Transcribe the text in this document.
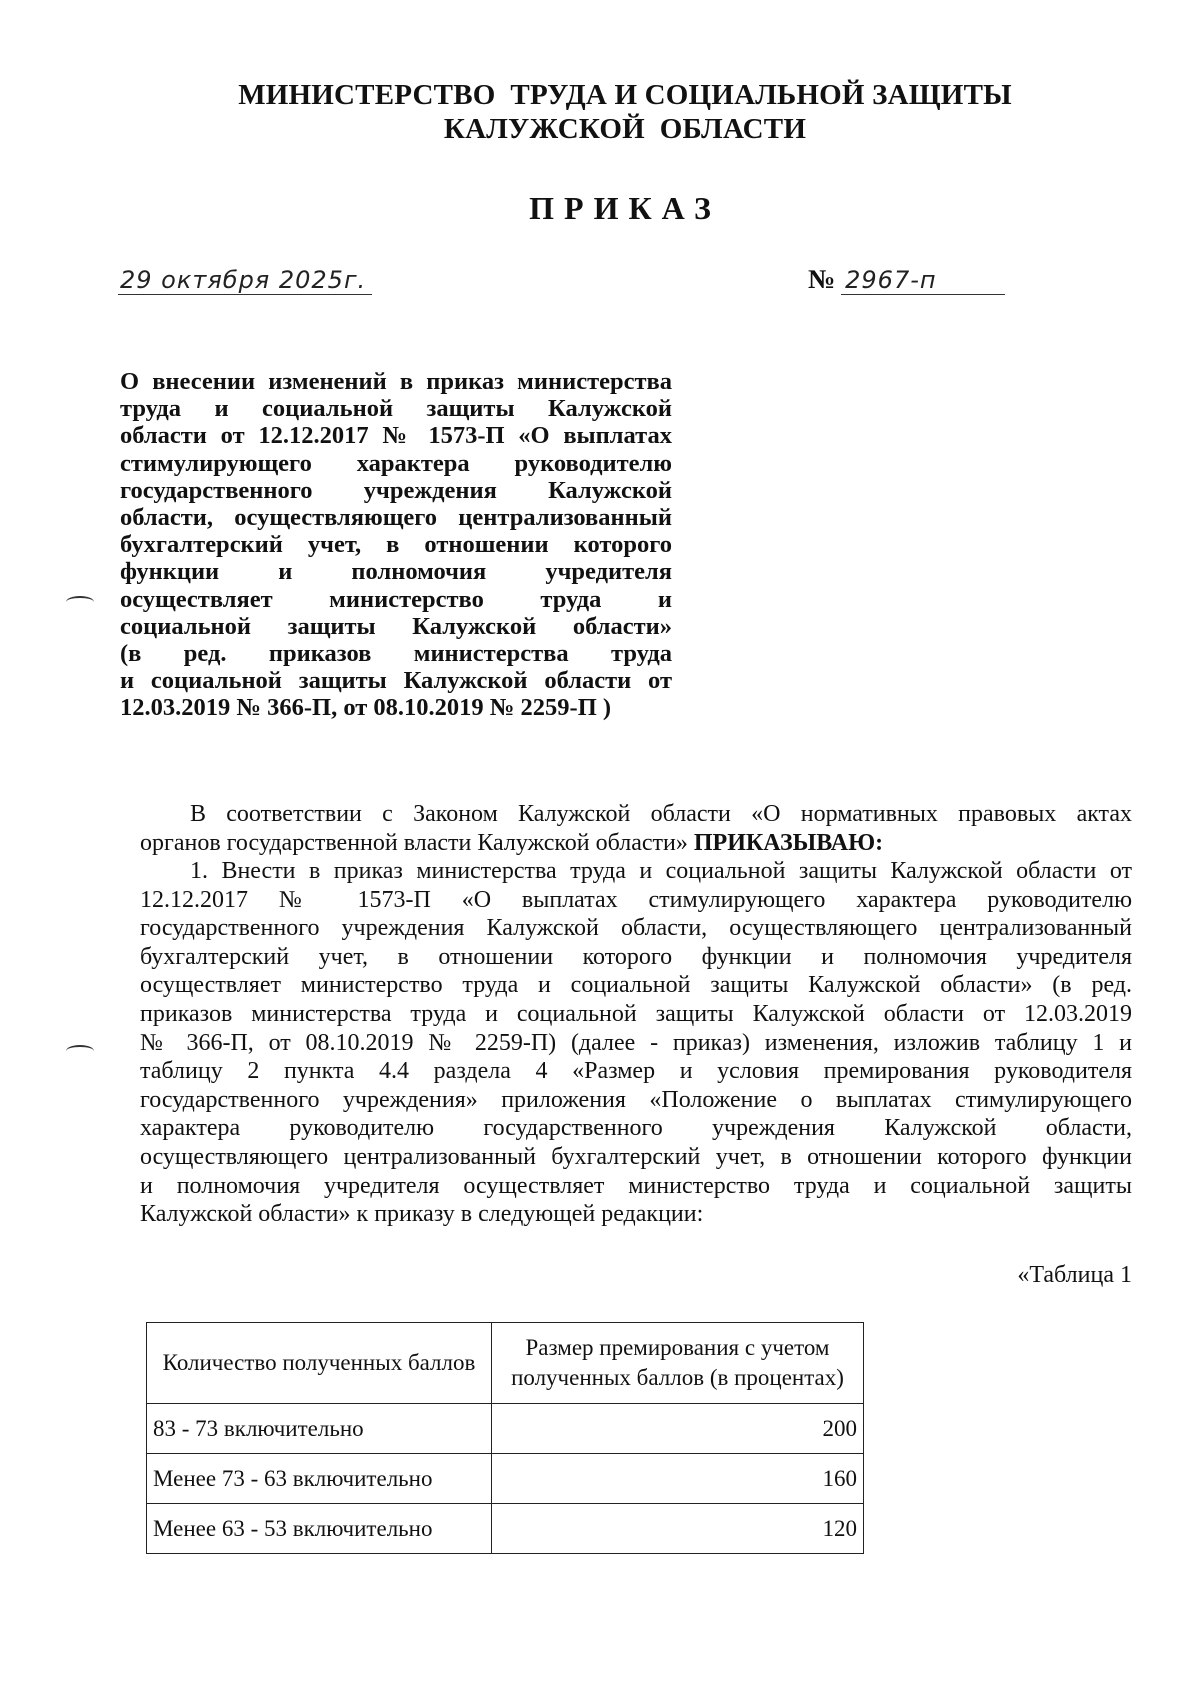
МИНИСТЕРСТВО  ТРУДА И СОЦИАЛЬНОЙ ЗАЩИТЫ
КАЛУЖСКОЙ  ОБЛАСТИ
ПРИКАЗ
29 октября 2025г.	№ 2967-п
О внесении изменений в приказ министерства
труда и социальной защиты Калужской
области от 12.12.2017 № 1573-П «О выплатах
стимулирующего характера руководителю
государственного учреждения Калужской
области, осуществляющего централизованный
бухгалтерский учет, в отношении которого
функции и полномочия учредителя
осуществляет министерство труда и
социальной защиты Калужской области»
(в ред. приказов министерства труда
и социальной защиты Калужской области от
12.03.2019 № 366-П, от 08.10.2019 № 2259-П )
В соответствии с Законом Калужской области «О нормативных правовых актах
органов государственной власти Калужской области» ПРИКАЗЫВАЮ:
1. Внести в приказ министерства труда и социальной защиты Калужской области от
12.12.2017 № 1573-П «О выплатах стимулирующего характера руководителю
государственного учреждения Калужской области, осуществляющего централизованный
бухгалтерский учет, в отношении которого функции и полномочия учредителя
осуществляет министерство труда и социальной защиты Калужской области» (в ред.
приказов министерства труда и социальной защиты Калужской области от 12.03.2019
№ 366-П, от 08.10.2019 № 2259-П) (далее - приказ) изменения, изложив таблицу 1 и
таблицу 2 пункта 4.4 раздела 4 «Размер и условия премирования руководителя
государственного учреждения» приложения «Положение о выплатах стимулирующего
характера руководителю государственного учреждения Калужской области,
осуществляющего централизованный бухгалтерский учет, в отношении которого функции
и полномочия учредителя осуществляет министерство труда и социальной защиты
Калужской области» к приказу в следующей редакции:
«Таблица 1
Количество полученных баллов	Размер премирования с учетом полученных баллов (в процентах)
83 - 73 включительно	200
Менее 73 - 63 включительно	160
Менее 63 - 53 включительно	120
